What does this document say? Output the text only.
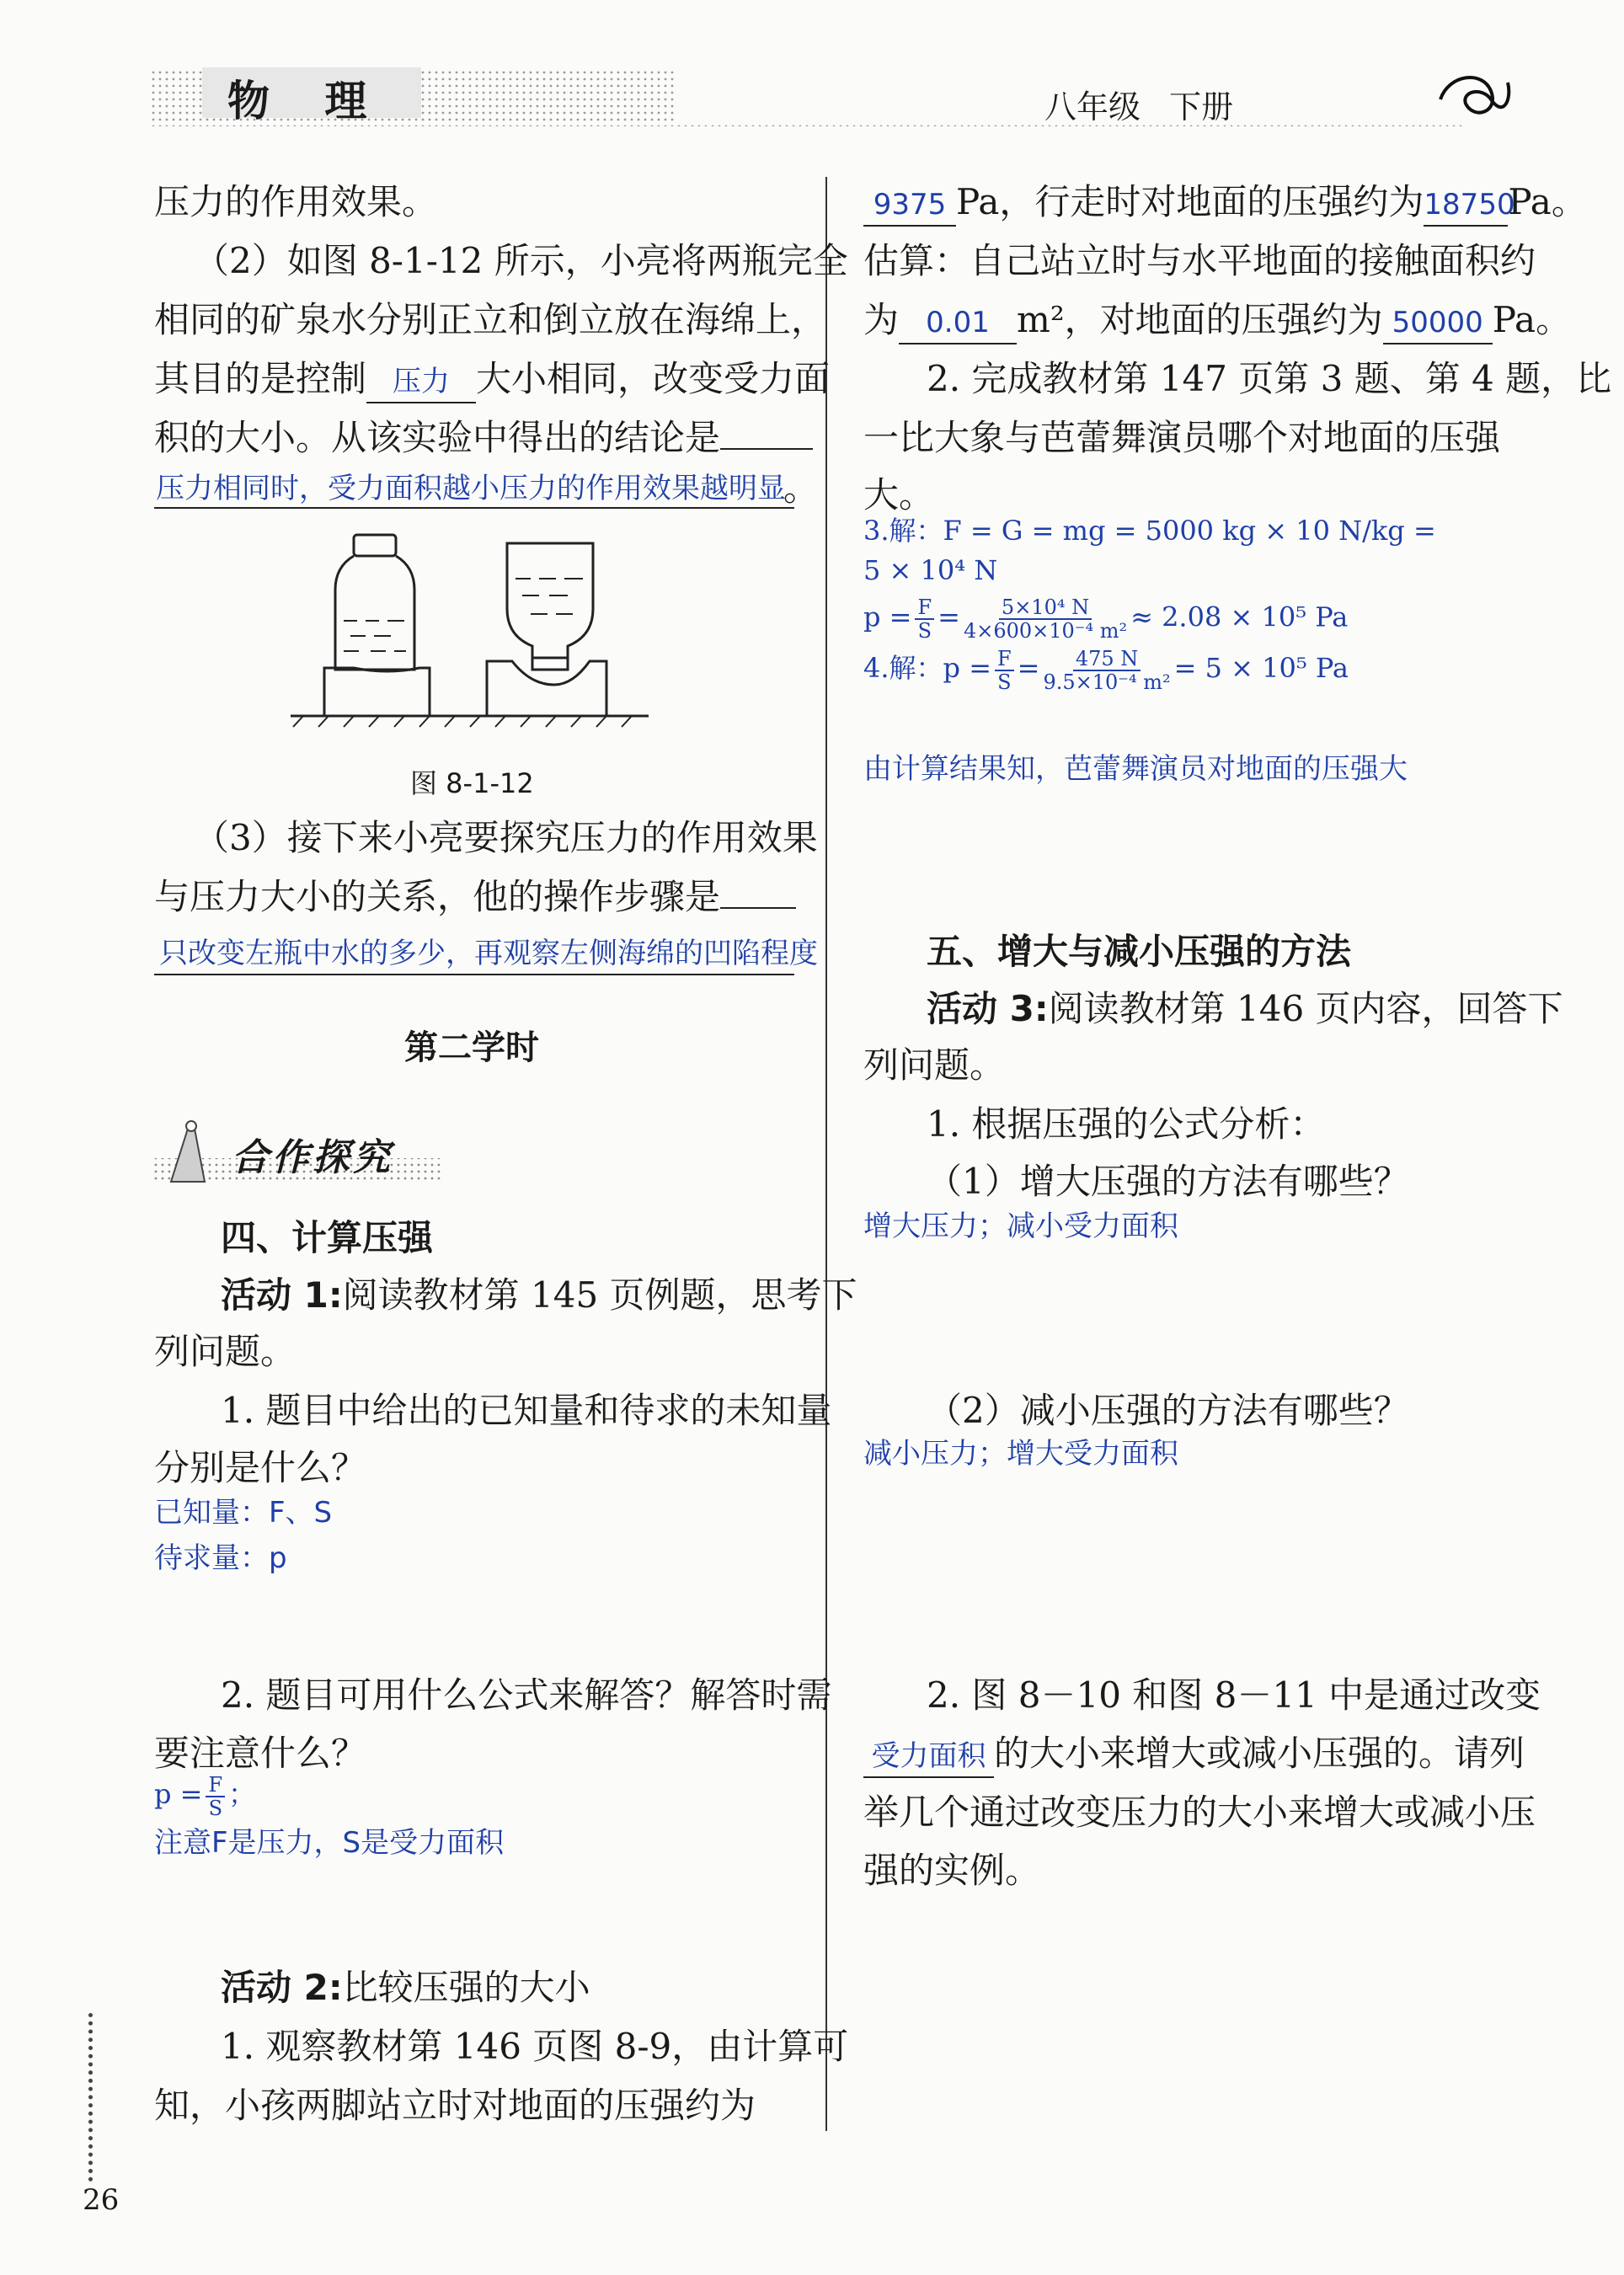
物 理	八年级 下册
压力的作用效果。
（2）如图 8-1-12 所示，小亮将两瓶完全
相同的矿泉水分别正立和倒立放在海绵上，
其目的是控制 压力 大小相同，改变受力面
积的大小。从该实验中得出的结论是
压力相同时，受力面积越小压力的作用效果越明显
。
图 8-1-12
（3）接下来小亮要探究压力的作用效果
与压力大小的关系，他的操作步骤是
只改变左瓶中水的多少，再观察左侧海绵的凹陷程度
第二学时
合作探究
四、计算压强
活动 1:阅读教材第 145 页例题，思考下
列问题。
1. 题目中给出的已知量和待求的未知量
分别是什么？
已知量：F、S
待求量：p
2. 题目可用什么公式来解答？解答时需
要注意什么？
$p = \frac{F}{S}$ ；
注意F是压力，S是受力面积
活动 2:比较压强的大小
1. 观察教材第 146 页图 8-9，由计算可
知，小孩两脚站立时对地面的压强约为
26
9375 Pa，行走时对地面的压强约为18750Pa。
估算：自己站立时与水平地面的接触面积约
为 0.01 m²，对地面的压强约为 50000 Pa。
2. 完成教材第 147 页第 3 题、第 4 题，比
一比大象与芭蕾舞演员哪个对地面的压强
大。
3.解：F = G = mg = 5000 kg × 10 N/kg =
5 × 10⁴ N
$p = \frac{F}{S} = \frac{\text{5×10⁴ N}}{\text{4×600×10⁻⁴ m²}} \approx 2.08 \times 10^5$ Pa
4.解：$p = \frac{F}{S} = \frac{475 N}{\text{9.5×10⁻⁴ m²}} = 5 \times 10^5$ Pa
由计算结果知，芭蕾舞演员对地面的压强大
五、增大与减小压强的方法
活动 3:阅读教材第 146 页内容，回答下
列问题。
1. 根据压强的公式分析：
（1）增大压强的方法有哪些？
增大压力；减小受力面积
（2）减小压强的方法有哪些？
减小压力；增大受力面积
2. 图 8－10 和图 8－11 中是通过改变
受力面积 的大小来增大或减小压强的。请列
举几个通过改变压力的大小来增大或减小压
强的实例。
